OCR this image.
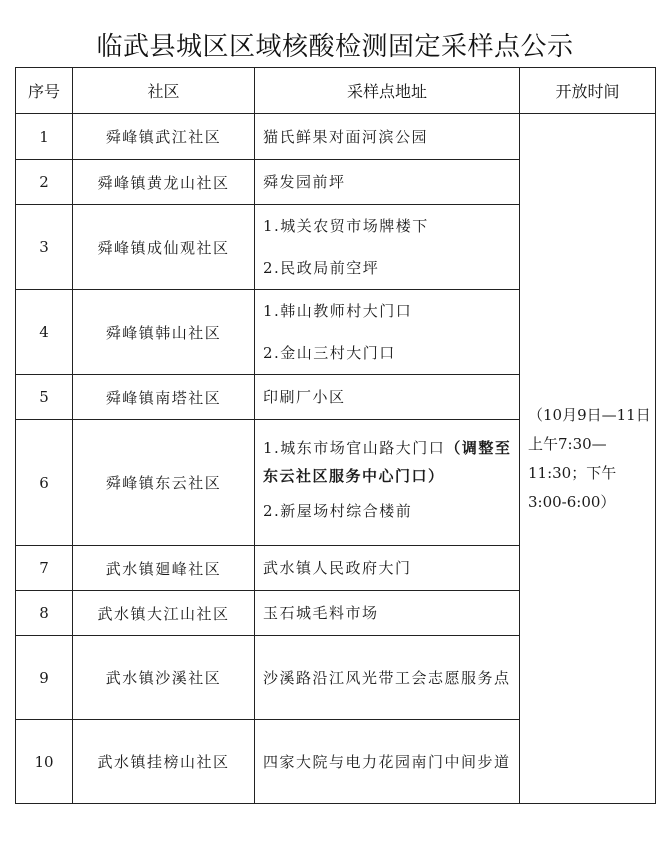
临武县城区区域核酸检测固定采样点公示
序号	社区	采样点地址	开放时间
1	舜峰镇武江社区	猫氏鲜果对面河滨公园	（10月9日—11日上午7:30—11:30；下午3:00-6:00）
2	舜峰镇黄龙山社区	舜发园前坪	

3	舜峰镇成仙观社区	1.城关农贸市场牌楼下
2.民政局前空坪	

4	舜峰镇韩山社区	1.韩山教师村大门口
2.金山三村大门口	

5	舜峰镇南塔社区	印刷厂小区	

6	舜峰镇东云社区	1.城东市场官山路大门口（调整至东云社区服务中心门口）
2.新屋场村综合楼前	

7	武水镇廻峰社区	武水镇人民政府大门	

8	武水镇大江山社区	玉石城毛料市场	

9	武水镇沙溪社区	沙溪路沿江风光带工会志愿服务点	

10	武水镇挂榜山社区	四家大院与电力花园南门中间步道	
